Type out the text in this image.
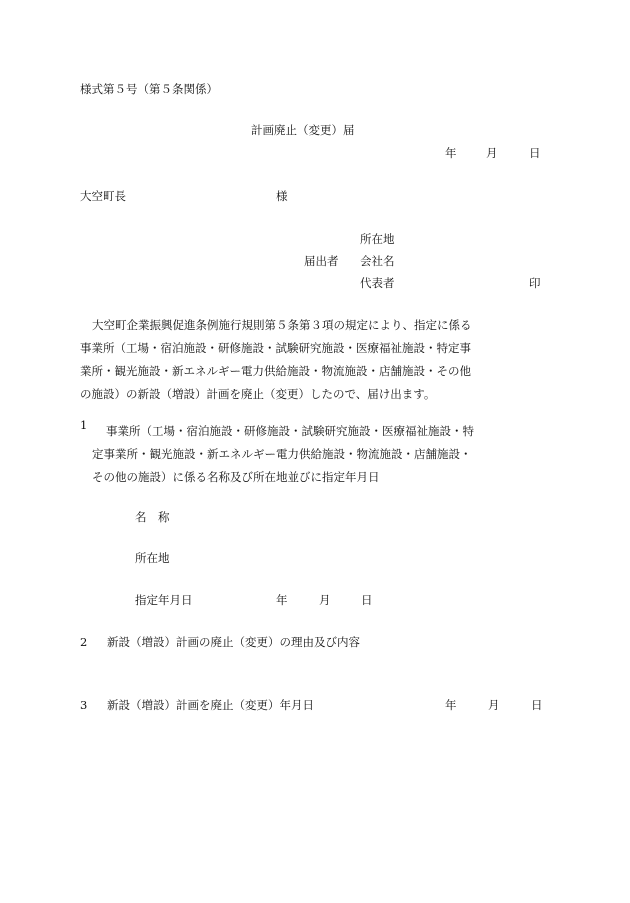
様式第５号（第５条関係）
計画廃止（変更）届
年	月	日
大空町長	様
所在地
届出者 会社名
代表者	印
大空町企業振興促進条例施行規則第５条第３項の規定により、指定に係る
事業所（工場・宿泊施設・研修施設・試験研究施設・医療福祉施設・特定事
業所・観光施設・新エネルギー電力供給施設・物流施設・店舗施設・その他
の施設）の新設（増設）計画を廃止（変更）したので、届け出ます。
1	事業所（工場・宿泊施設・研修施設・試験研究施設・医療福祉施設・特
定事業所・観光施設・新エネルギー電力供給施設・物流施設・店舗施設・
その他の施設）に係る名称及び所在地並びに指定年月日
名　称
所在地
指定年月日	年	月	日
2 新設（増設）計画の廃止（変更）の理由及び内容
3 新設（増設）計画を廃止（変更）年月日	年	月	日
